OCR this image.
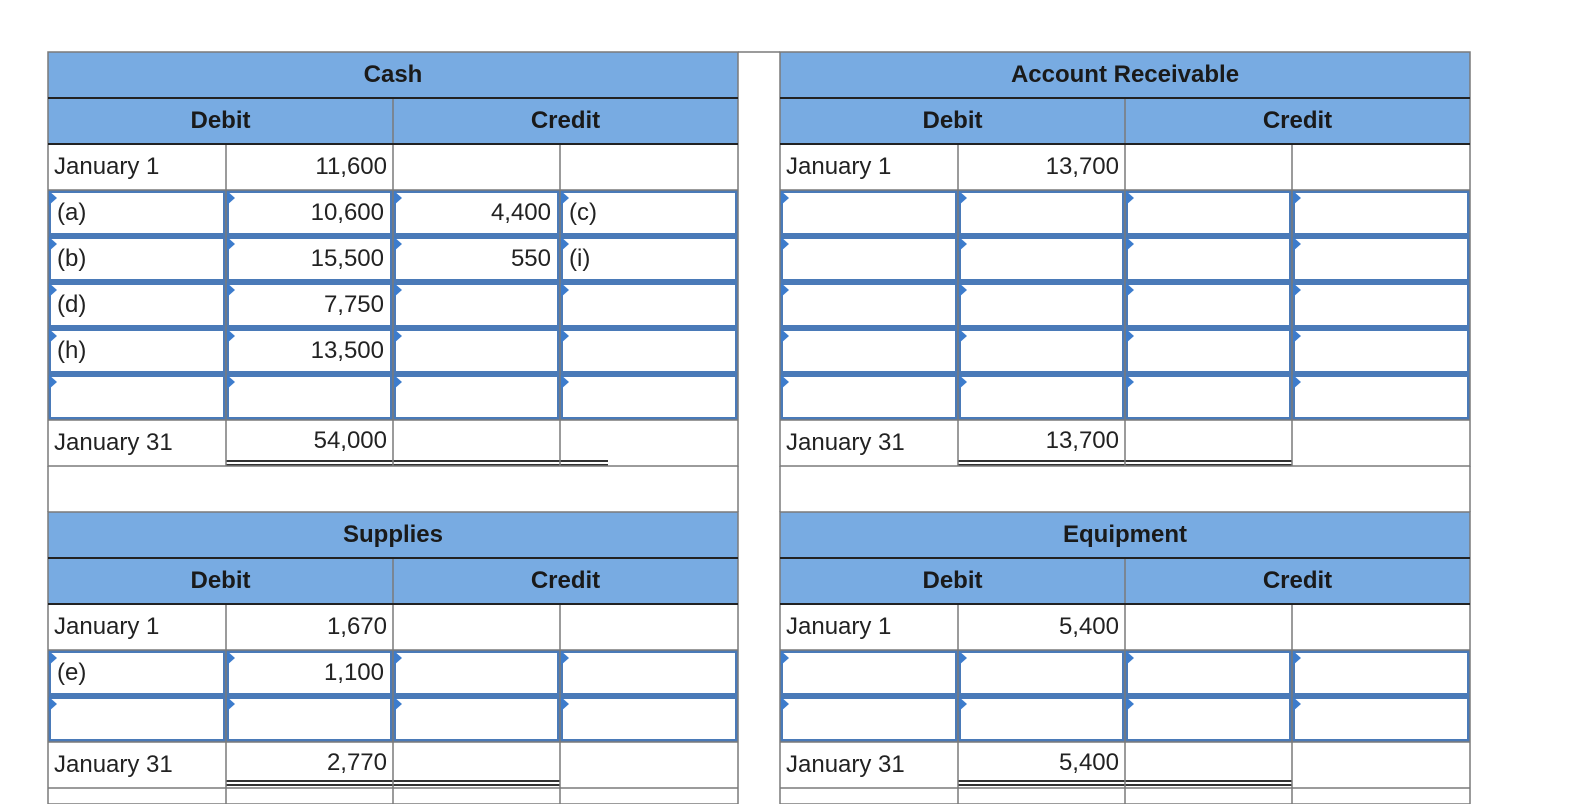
Cash
Debit	Credit
January 1	11,600
(a)	10,600	4,400 (c)
(b)	15,500	550 (i)
(d)	7,750
(h)	13,500
January 31	54,000
Account Receivable
Debit	Credit
January 1	13,700
January 31	13,700
Supplies
Debit	Credit
January 1	1,670
(e)	1,100
January 31	2,770
Equipment
Debit	Credit
January 1	5,400
January 31	5,400
